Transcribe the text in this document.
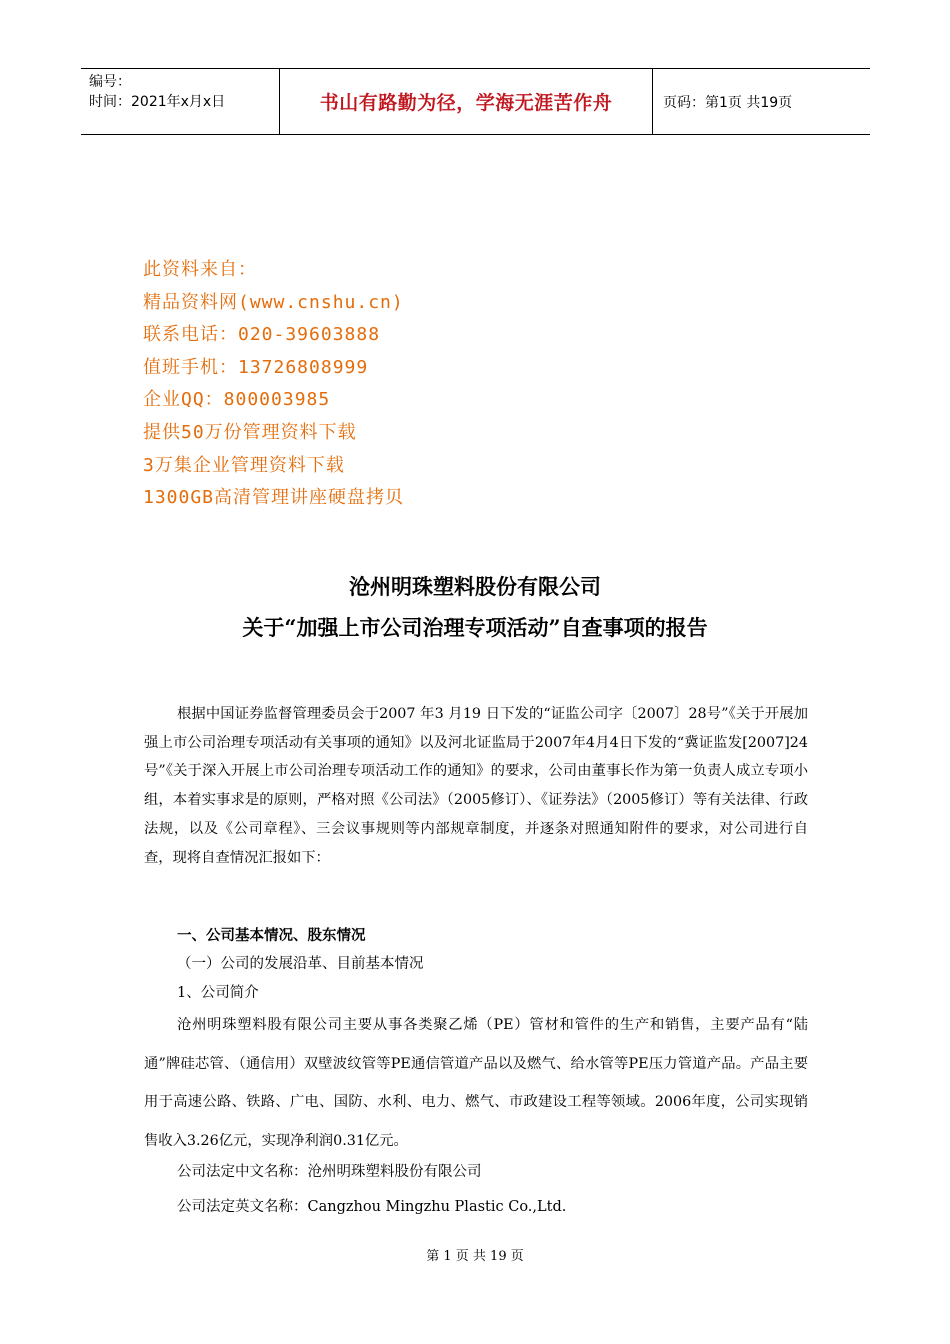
编号：
时间：2021年x月x日	书山有路勤为径，学海无涯苦作舟	页码：第1页 共19页
此资料来自：
精品资料网(www.cnshu.cn)
联系电话：020-39603888
值班手机：13726808999
企业QQ：800003985
提供50万份管理资料下载
3万集企业管理资料下载
1300GB高清管理讲座硬盘拷贝
沧州明珠塑料股份有限公司
关于“加强上市公司治理专项活动”自查事项的报告
根据中国证券监督管理委员会于2007 年3 月19 日下发的“证监公司字〔2007〕28号”《关于开展加强上市公司治理专项活动有关事项的通知》以及河北证监局于2007年4月4日下发的“冀证监发[2007]24号”《关于深入开展上市公司治理专项活动工作的通知》的要求，公司由董事长作为第一负责人成立专项小组，本着实事求是的原则，严格对照《公司法》（2005修订）、《证券法》（2005修订）等有关法律、行政法规，以及《公司章程》、三会议事规则等内部规章制度，并逐条对照通知附件的要求，对公司进行自查，现将自查情况汇报如下：
一、公司基本情况、股东情况
（一）公司的发展沿革、目前基本情况
1、公司简介
沧州明珠塑料股有限公司主要从事各类聚乙烯（PE）管材和管件的生产和销售，主要产品有“陆通”牌硅芯管、（通信用）双壁波纹管等PE通信管道产品以及燃气、给水管等PE压力管道产品。产品主要用于高速公路、铁路、广电、国防、水利、电力、燃气、市政建设工程等领域。2006年度，公司实现销售收入3.26亿元，实现净利润0.31亿元。
公司法定中文名称：沧州明珠塑料股份有限公司
公司法定英文名称：Cangzhou Mingzhu Plastic Co.,Ltd.
第 1 页 共 19 页
